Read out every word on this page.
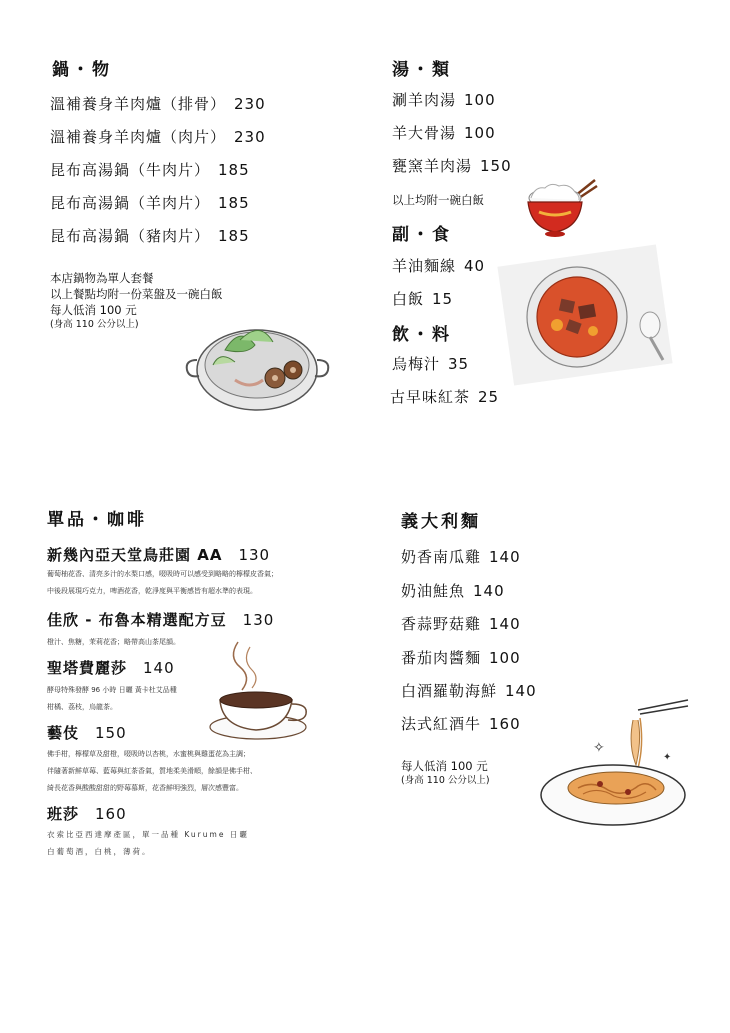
鍋・物
溫補養身羊肉爐（排骨） 230
溫補養身羊肉爐（肉片） 230
昆布高湯鍋（牛肉片） 185
昆布高湯鍋（羊肉片） 185
昆布高湯鍋（豬肉片） 185
本店鍋物為單人套餐
以上餐點均附一份菜盤及一碗白飯
每人低消 100 元
(身高 110 公分以上)
湯・類
涮羊肉湯 100
羊大骨湯 100
甕窯羊肉湯 150
以上均附一碗白飯
副・食
羊油麵線 40
白飯 15
飲・料
烏梅汁 35
古早味紅茶 25
單品・咖啡
新幾內亞天堂鳥莊園 AA 130
葡萄柚花香、清亮多汁的水梨口感，啜吸時可以感受到略略的檸檬皮香氣；
中後段展現巧克力，啤酒花香，乾淨度與平衡感皆有超水準的表現。
佳欣 - 布魯本精選配方豆 130
橙汁、焦糖，茉莉花香；略帶高山茶尾韻。
聖塔費麗莎 140
酵母特殊發酵 96 小時 日曬 黃卡杜艾品種
柑橘、荔枝，烏龍茶。
藝伎 150
佛手柑，檸檬草及甜橙，啜吸時以杏桃，水蜜桃與雞蛋花為主調；
伴隨著新鮮草莓、藍莓與紅茶香氣，質地柔美滑順，餘韻是佛手柑、
綺長花香與酸酸甜甜的野莓慕斯，花香鮮明強烈，層次感豐富。
班莎 160
衣索比亞西達摩產區，單一品種 Kurume 日曬
白葡萄酒，白桃，薄荷。
義大利麵
奶香南瓜雞 140
奶油鮭魚 140
香蒜野菇雞 140
番茄肉醬麵 100
白酒羅勒海鮮 140
法式紅酒牛 160
每人低消 100 元
(身高 110 公分以上)
✧
✦
